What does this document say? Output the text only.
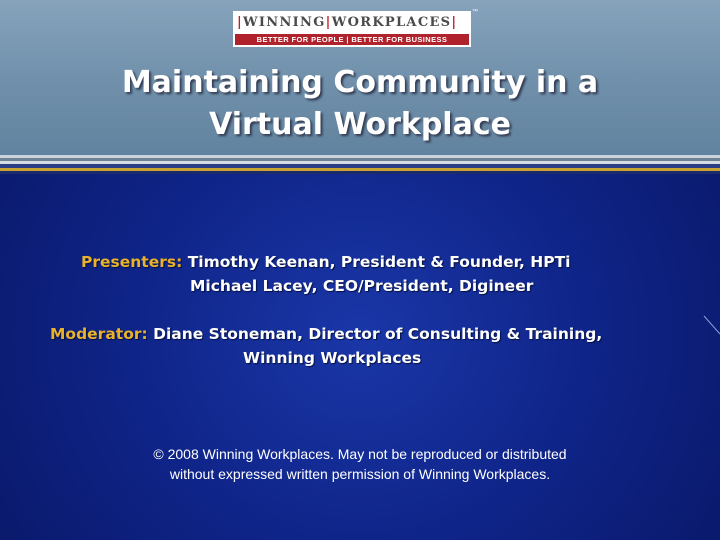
|WINNING|WORKPLACES|
BETTER FOR PEOPLE | BETTER FOR BUSINESS
™
Maintaining Community in a
Virtual Workplace
Presenters: Timothy Keenan, President & Founder, HPTi
Michael Lacey, CEO/President, Digineer
Moderator: Diane Stoneman, Director of Consulting & Training,
Winning Workplaces
© 2008 Winning Workplaces. May not be reproduced or distributed
without expressed written permission of Winning Workplaces.
